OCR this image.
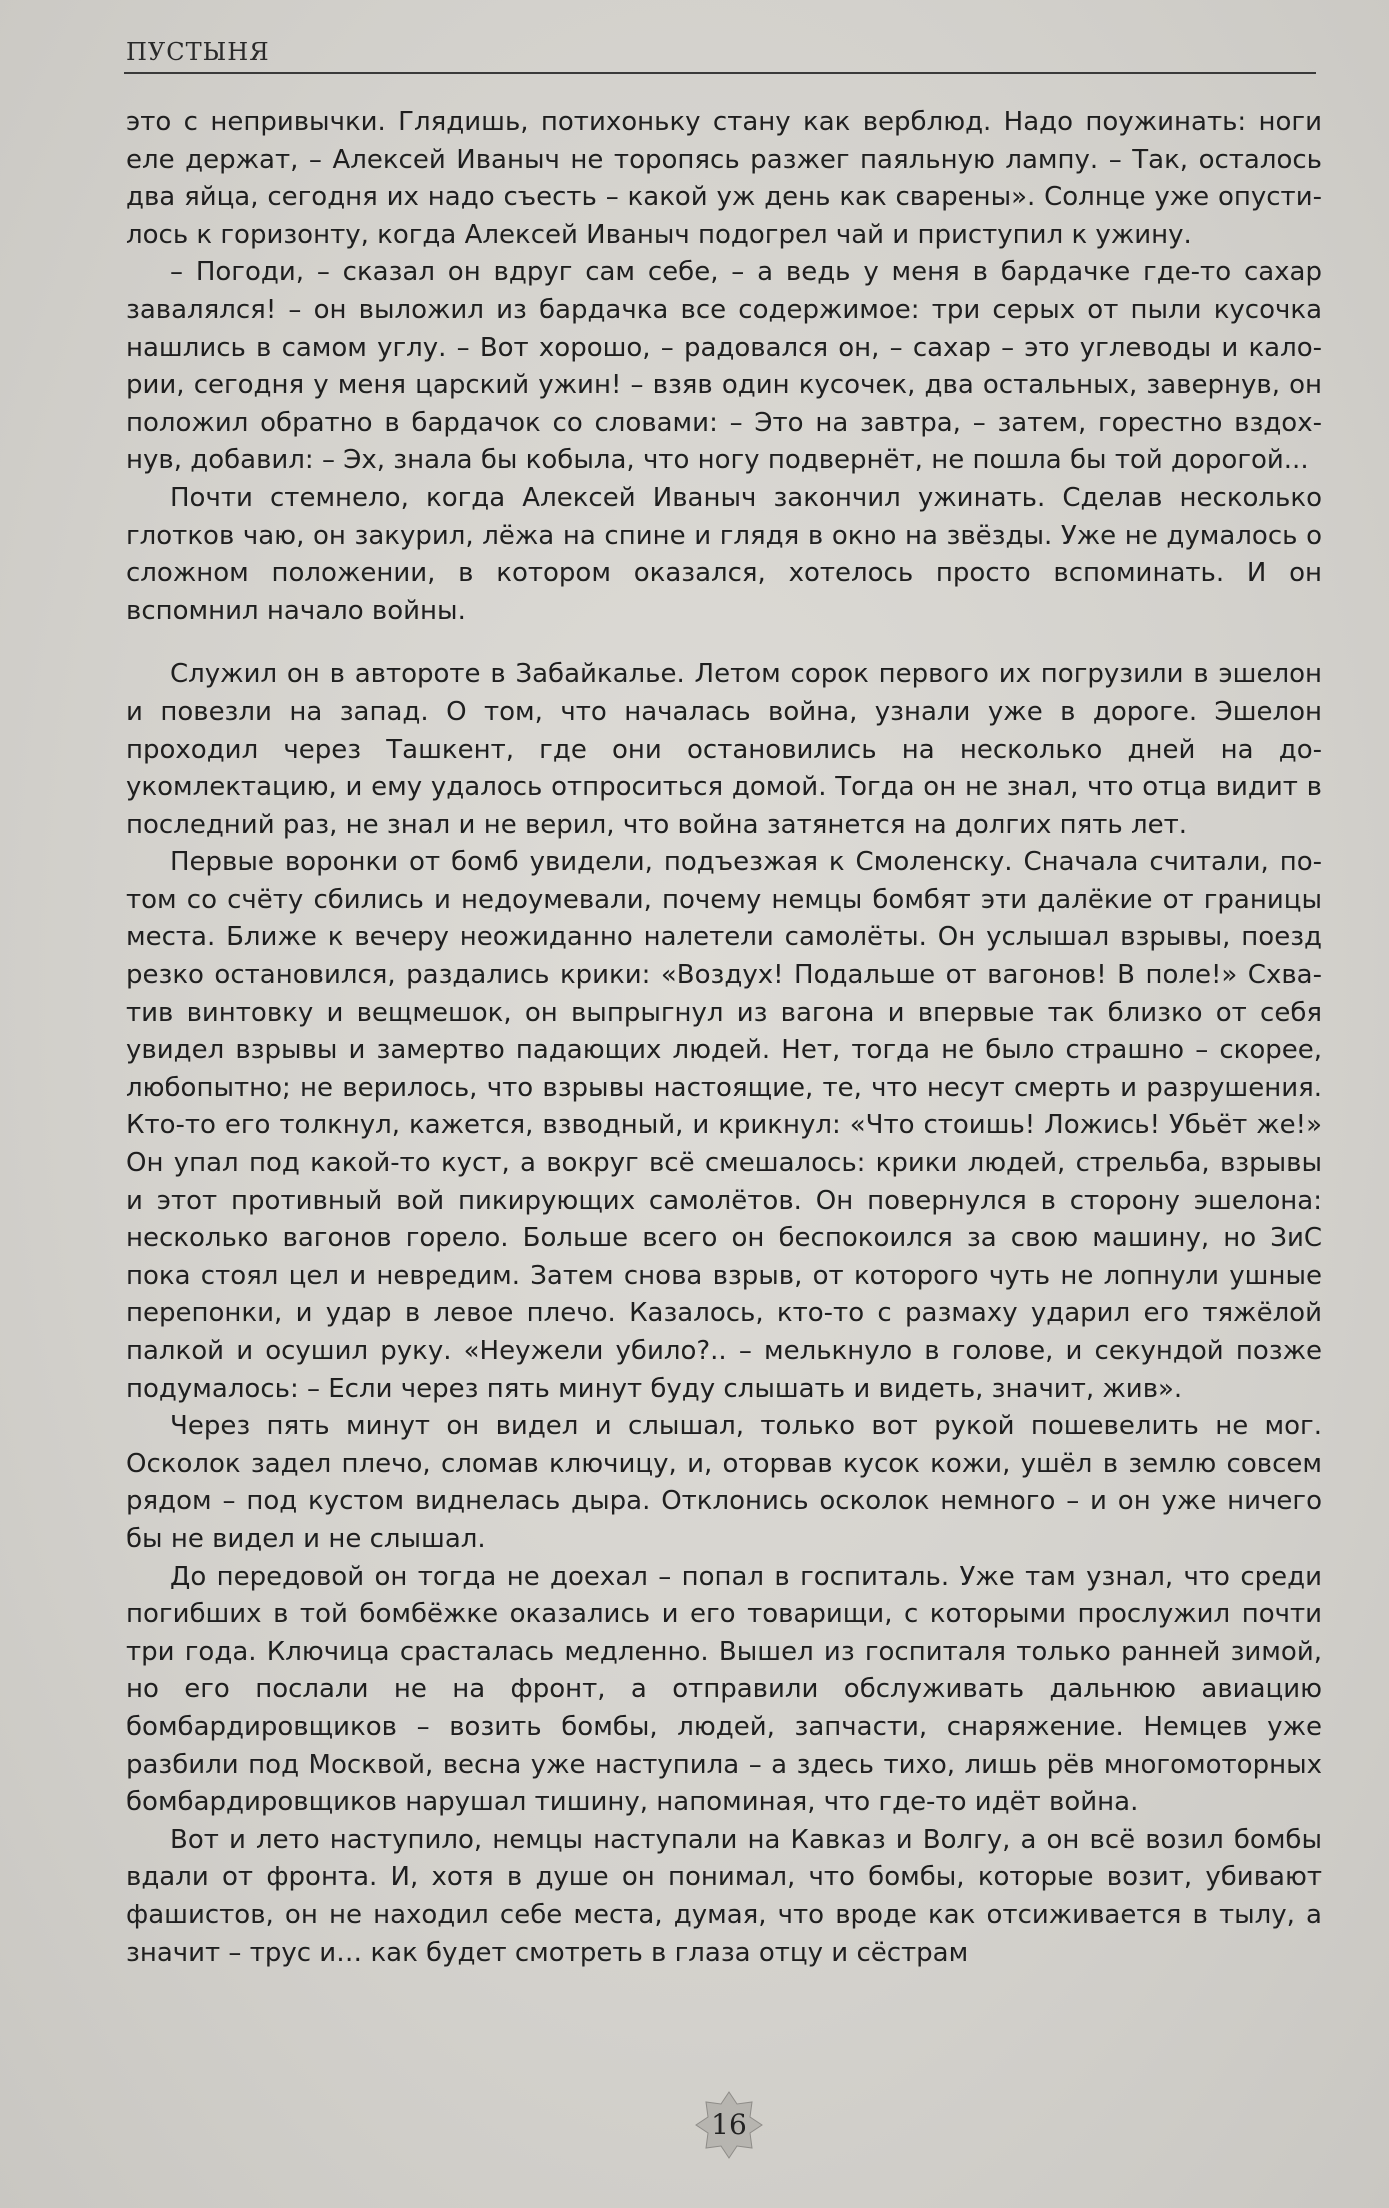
ПУСТЫНЯ

это с непривычки. Глядишь, потихоньку стану как верблюд. Надо поужинать: ноги еле держат, – Алексей Иваныч не торопясь разжег паяльную лампу. – Так, осталось два яйца, сегодня их надо съесть – какой уж день как сварены». Солнце уже опустилось к горизонту, когда Алексей Иваныч подогрел чай и приступил к ужину.

– Погоди, – сказал он вдруг сам себе, – а ведь у меня в бардачке где-то сахар завалялся! – он выложил из бардачка все содержимое: три серых от пыли кусочка нашлись в самом углу. – Вот хорошо, – радовался он, – сахар – это углеводы и калории, сегодня у меня царский ужин! – взяв один кусочек, два остальных, завернув, он положил обратно в бардачок со словами: – Это на завтра, – затем, горестно вздохнув, добавил: – Эх, знала бы кобыла, что ногу подвернёт, не пошла бы той дорогой...

Почти стемнело, когда Алексей Иваныч закончил ужинать. Сделав несколько глотков чаю, он закурил, лёжа на спине и глядя в окно на звёзды. Уже не думалось о сложном положении, в котором оказался, хотелось просто вспоминать. И он вспомнил начало войны.

Служил он в автороте в Забайкалье. Летом сорок первого их погрузили в эшелон и повезли на запад. О том, что началась война, узнали уже в дороге. Эшелон проходил через Ташкент, где они остановились на несколько дней на доукомлектацию, и ему удалось отпроситься домой. Тогда он не знал, что отца видит в последний раз, не знал и не верил, что война затянется на долгих пять лет.

Первые воронки от бомб увидели, подъезжая к Смоленску. Сначала считали, потом со счёту сбились и недоумевали, почему немцы бомбят эти далёкие от границы места. Ближе к вечеру неожиданно налетели самолёты. Он услышал взрывы, поезд резко остановился, раздались крики: «Воздух! Подальше от вагонов! В поле!» Схватив винтовку и вещмешок, он выпрыгнул из вагона и впервые так близко от себя увидел взрывы и замертво падающих людей. Нет, тогда не было страшно – скорее, любопытно; не верилось, что взрывы настоящие, те, что несут смерть и разрушения. Кто-то его толкнул, кажется, взводный, и крикнул: «Что стоишь! Ложись! Убьёт же!» Он упал под какой-то куст, а вокруг всё смешалось: крики людей, стрельба, взрывы и этот противный вой пикирующих самолётов. Он повернулся в сторону эшелона: несколько вагонов горело. Больше всего он беспокоился за свою машину, но ЗиС пока стоял цел и невредим. Затем снова взрыв, от которого чуть не лопнули ушные перепонки, и удар в левое плечо. Казалось, кто-то с размаху ударил его тяжёлой палкой и осушил руку. «Неужели убило?.. – мелькнуло в голове, и секундой позже подумалось: – Если через пять минут буду слышать и видеть, значит, жив».

Через пять минут он видел и слышал, только вот рукой пошевелить не мог. Осколок задел плечо, сломав ключицу, и, оторвав кусок кожи, ушёл в землю совсем рядом – под кустом виднелась дыра. Отклонись осколок немного – и он уже ничего бы не видел и не слышал.

До передовой он тогда не доехал – попал в госпиталь. Уже там узнал, что среди погибших в той бомбёжке оказались и его товарищи, с которыми прослужил почти три года. Ключица срасталась медленно. Вышел из госпиталя только ранней зимой, но его послали не на фронт, а отправили обслуживать дальнюю авиацию бомбардировщиков – возить бомбы, людей, запчасти, снаряжение. Немцев уже разбили под Москвой, весна уже наступила – а здесь тихо, лишь рёв многомоторных бомбардировщиков нарушал тишину, напоминая, что где-то идёт война.

Вот и лето наступило, немцы наступали на Кавказ и Волгу, а он всё возил бомбы вдали от фронта. И, хотя в душе он понимал, что бомбы, которые возит, убивают фашистов, он не находил себе места, думая, что вроде как отсиживается в тылу, а значит – трус и… как будет смотреть в глаза отцу и сёстрам

16
